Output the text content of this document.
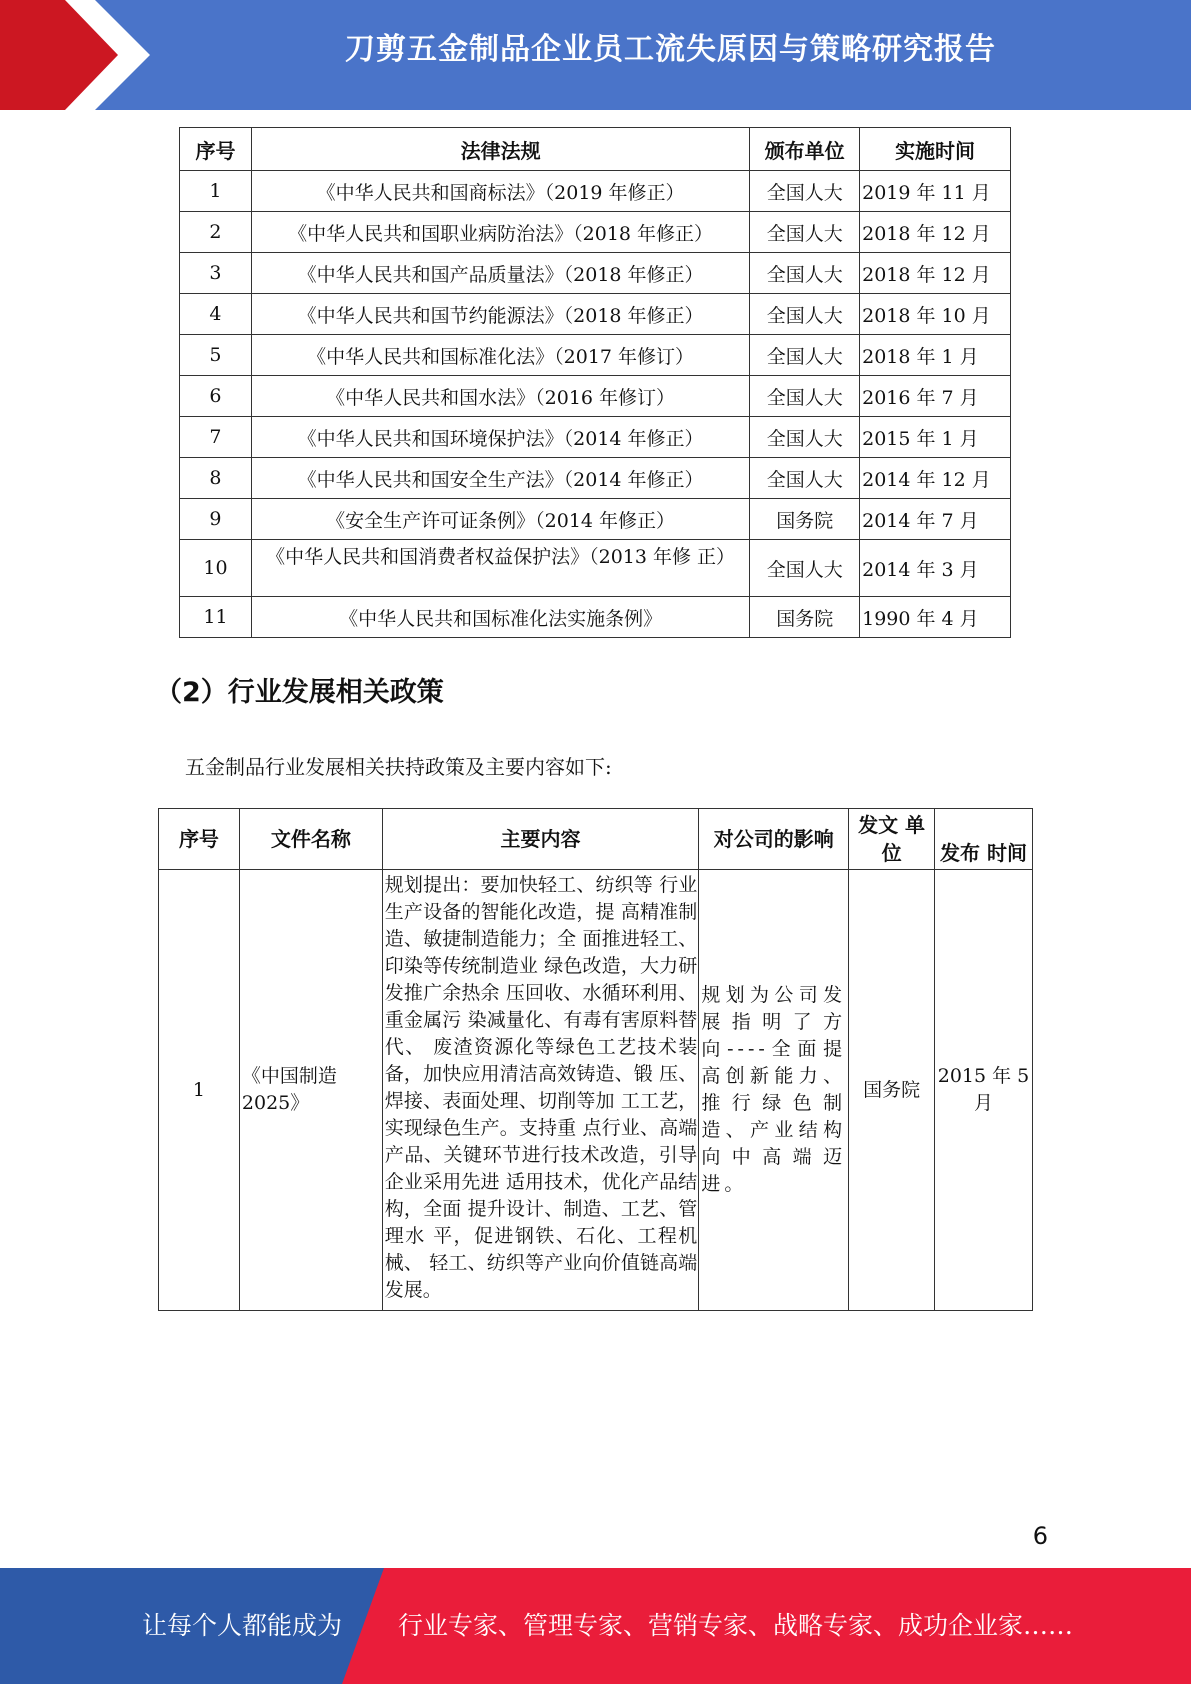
刀剪五金制品企业员工流失原因与策略研究报告
序号	法律法规	颁布单位	实施时间
1	《中华人民共和国商标法》（2019 年修正）	全国人大	2019 年 11 月
2	《中华人民共和国职业病防治法》（2018 年修正）	全国人大	2018 年 12 月
3	《中华人民共和国产品质量法》（2018 年修正）	全国人大	2018 年 12 月
4	《中华人民共和国节约能源法》（2018 年修正）	全国人大	2018 年 10 月
5	《中华人民共和国标准化法》（2017 年修订）	全国人大	2018 年 1 月
6	《中华人民共和国水法》（2016 年修订）	全国人大	2016 年 7 月
7	《中华人民共和国环境保护法》（2014 年修正）	全国人大	2015 年 1 月
8	《中华人民共和国安全生产法》（2014 年修正）	全国人大	2014 年 12 月
9	《安全生产许可证条例》（2014 年修正）	国务院	2014 年 7 月
10	《中华人民共和国消费者权益保护法》（2013 年修 正）	全国人大	2014 年 3 月
11	《中华人民共和国标准化法实施条例》	国务院	1990 年 4 月
（2）行业发展相关政策
五金制品行业发展相关扶持政策及主要内容如下:
序号	文件名称	主要内容	对公司的影响	发文 单位	发布 时间
1	《中国制造 2025》	规划提出：要加快轻工、纺织等 行业生产设备的智能化改造，提 高精准制造、敏捷制造能力；全 面推进轻工、印染等传统制造业 绿色改造，大力研发推广余热余 压回收、水循环利用、重金属污 染减量化、有毒有害原料替代、 废渣资源化等绿色工艺技术装备，加快应用清洁高效铸造、锻 压、焊接、表面处理、切削等加 工工艺，实现绿色生产。支持重 点行业、高端产品、关键环节进行技术改造，引导企业采用先进 适用技术，优化产品结构，全面 提升设计、制造、工艺、管理水 平，促进钢铁、石化、工程机械、 轻工、纺织等产业向价值链高端 发展。	规划为公司发展指明了方向----全面提高创新能力、推行绿色制造、产业结构向中高端迈进。	国务院	2015 年 5月
6
让每个人都能成为 行业专家、管理专家、营销专家、战略专家、成功企业家……
